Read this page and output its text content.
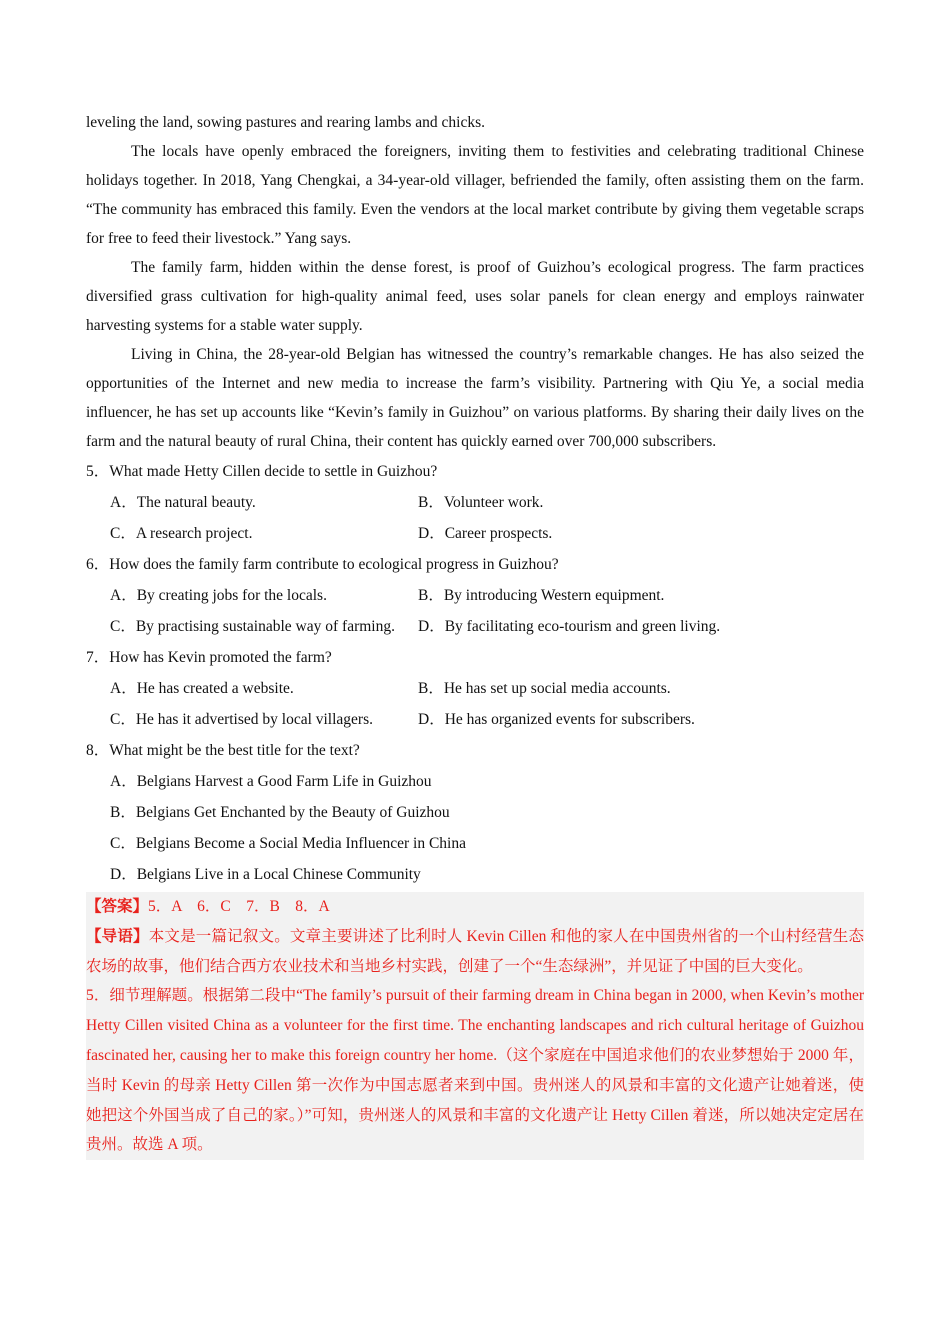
leveling the land, sowing pastures and rearing lambs and chicks.

The locals have openly embraced the foreigners, inviting them to festivities and celebrating traditional Chinese holidays together. In 2018, Yang Chengkai, a 34-year-old villager, befriended the family, often assisting them on the farm. “The community has embraced this family. Even the vendors at the local market contribute by giving them vegetable scraps for free to feed their livestock.” Yang says.

The family farm, hidden within the dense forest, is proof of Guizhou’s ecological progress. The farm practices diversified grass cultivation for high-quality animal feed, uses solar panels for clean energy and employs rainwater harvesting systems for a stable water supply.

Living in China, the 28-year-old Belgian has witnessed the country’s remarkable changes. He has also seized the opportunities of the Internet and new media to increase the farm’s visibility. Partnering with Qiu Ye, a social media influencer, he has set up accounts like “Kevin’s family in Guizhou” on various platforms. By sharing their daily lives on the farm and the natural beauty of rural China, their content has quickly earned over 700,000 subscribers.

5．What made Hetty Cillen decide to settle in Guizhou?

A．The natural beauty.	B．Volunteer work.
C．A research project.	D．Career prospects.

6．How does the family farm contribute to ecological progress in Guizhou?

A．By creating jobs for the locals.	B．By introducing Western equipment.
C．By practising sustainable way of farming.	D．By facilitating eco-tourism and green living.

7．How has Kevin promoted the farm?

A．He has created a website.	B．He has set up social media accounts.
C．He has it advertised by local villagers.	D．He has organized events for subscribers.

8．What might be the best title for the text?

A．Belgians Harvest a Good Farm Life in Guizhou
B．Belgians Get Enchanted by the Beauty of Guizhou
C．Belgians Become a Social Media Influencer in China
D．Belgians Live in a Local Chinese Community

【答案】5．A　6．C　7．B　8．A

【导语】本文是一篇记叙文。文章主要讲述了比利时人 Kevin Cillen 和他的家人在中国贵州省的一个山村经营生态农场的故事，他们结合西方农业技术和当地乡村实践，创建了一个“生态绿洲”，并见证了中国的巨大变化。

5．细节理解题。根据第二段中“The family’s pursuit of their farming dream in China began in 2000, when Kevin’s mother Hetty Cillen visited China as a volunteer for the first time. The enchanting landscapes and rich cultural heritage of Guizhou fascinated her, causing her to make this foreign country her home.（这个家庭在中国追求他们的农业梦想始于 2000 年，当时 Kevin 的母亲 Hetty Cillen 第一次作为中国志愿者来到中国。贵州迷人的风景和丰富的文化遗产让她着迷，使她把这个外国当成了自己的家。）”可知，贵州迷人的风景和丰富的文化遗产让 Hetty Cillen 着迷，所以她决定定居在贵州。故选 A 项。
